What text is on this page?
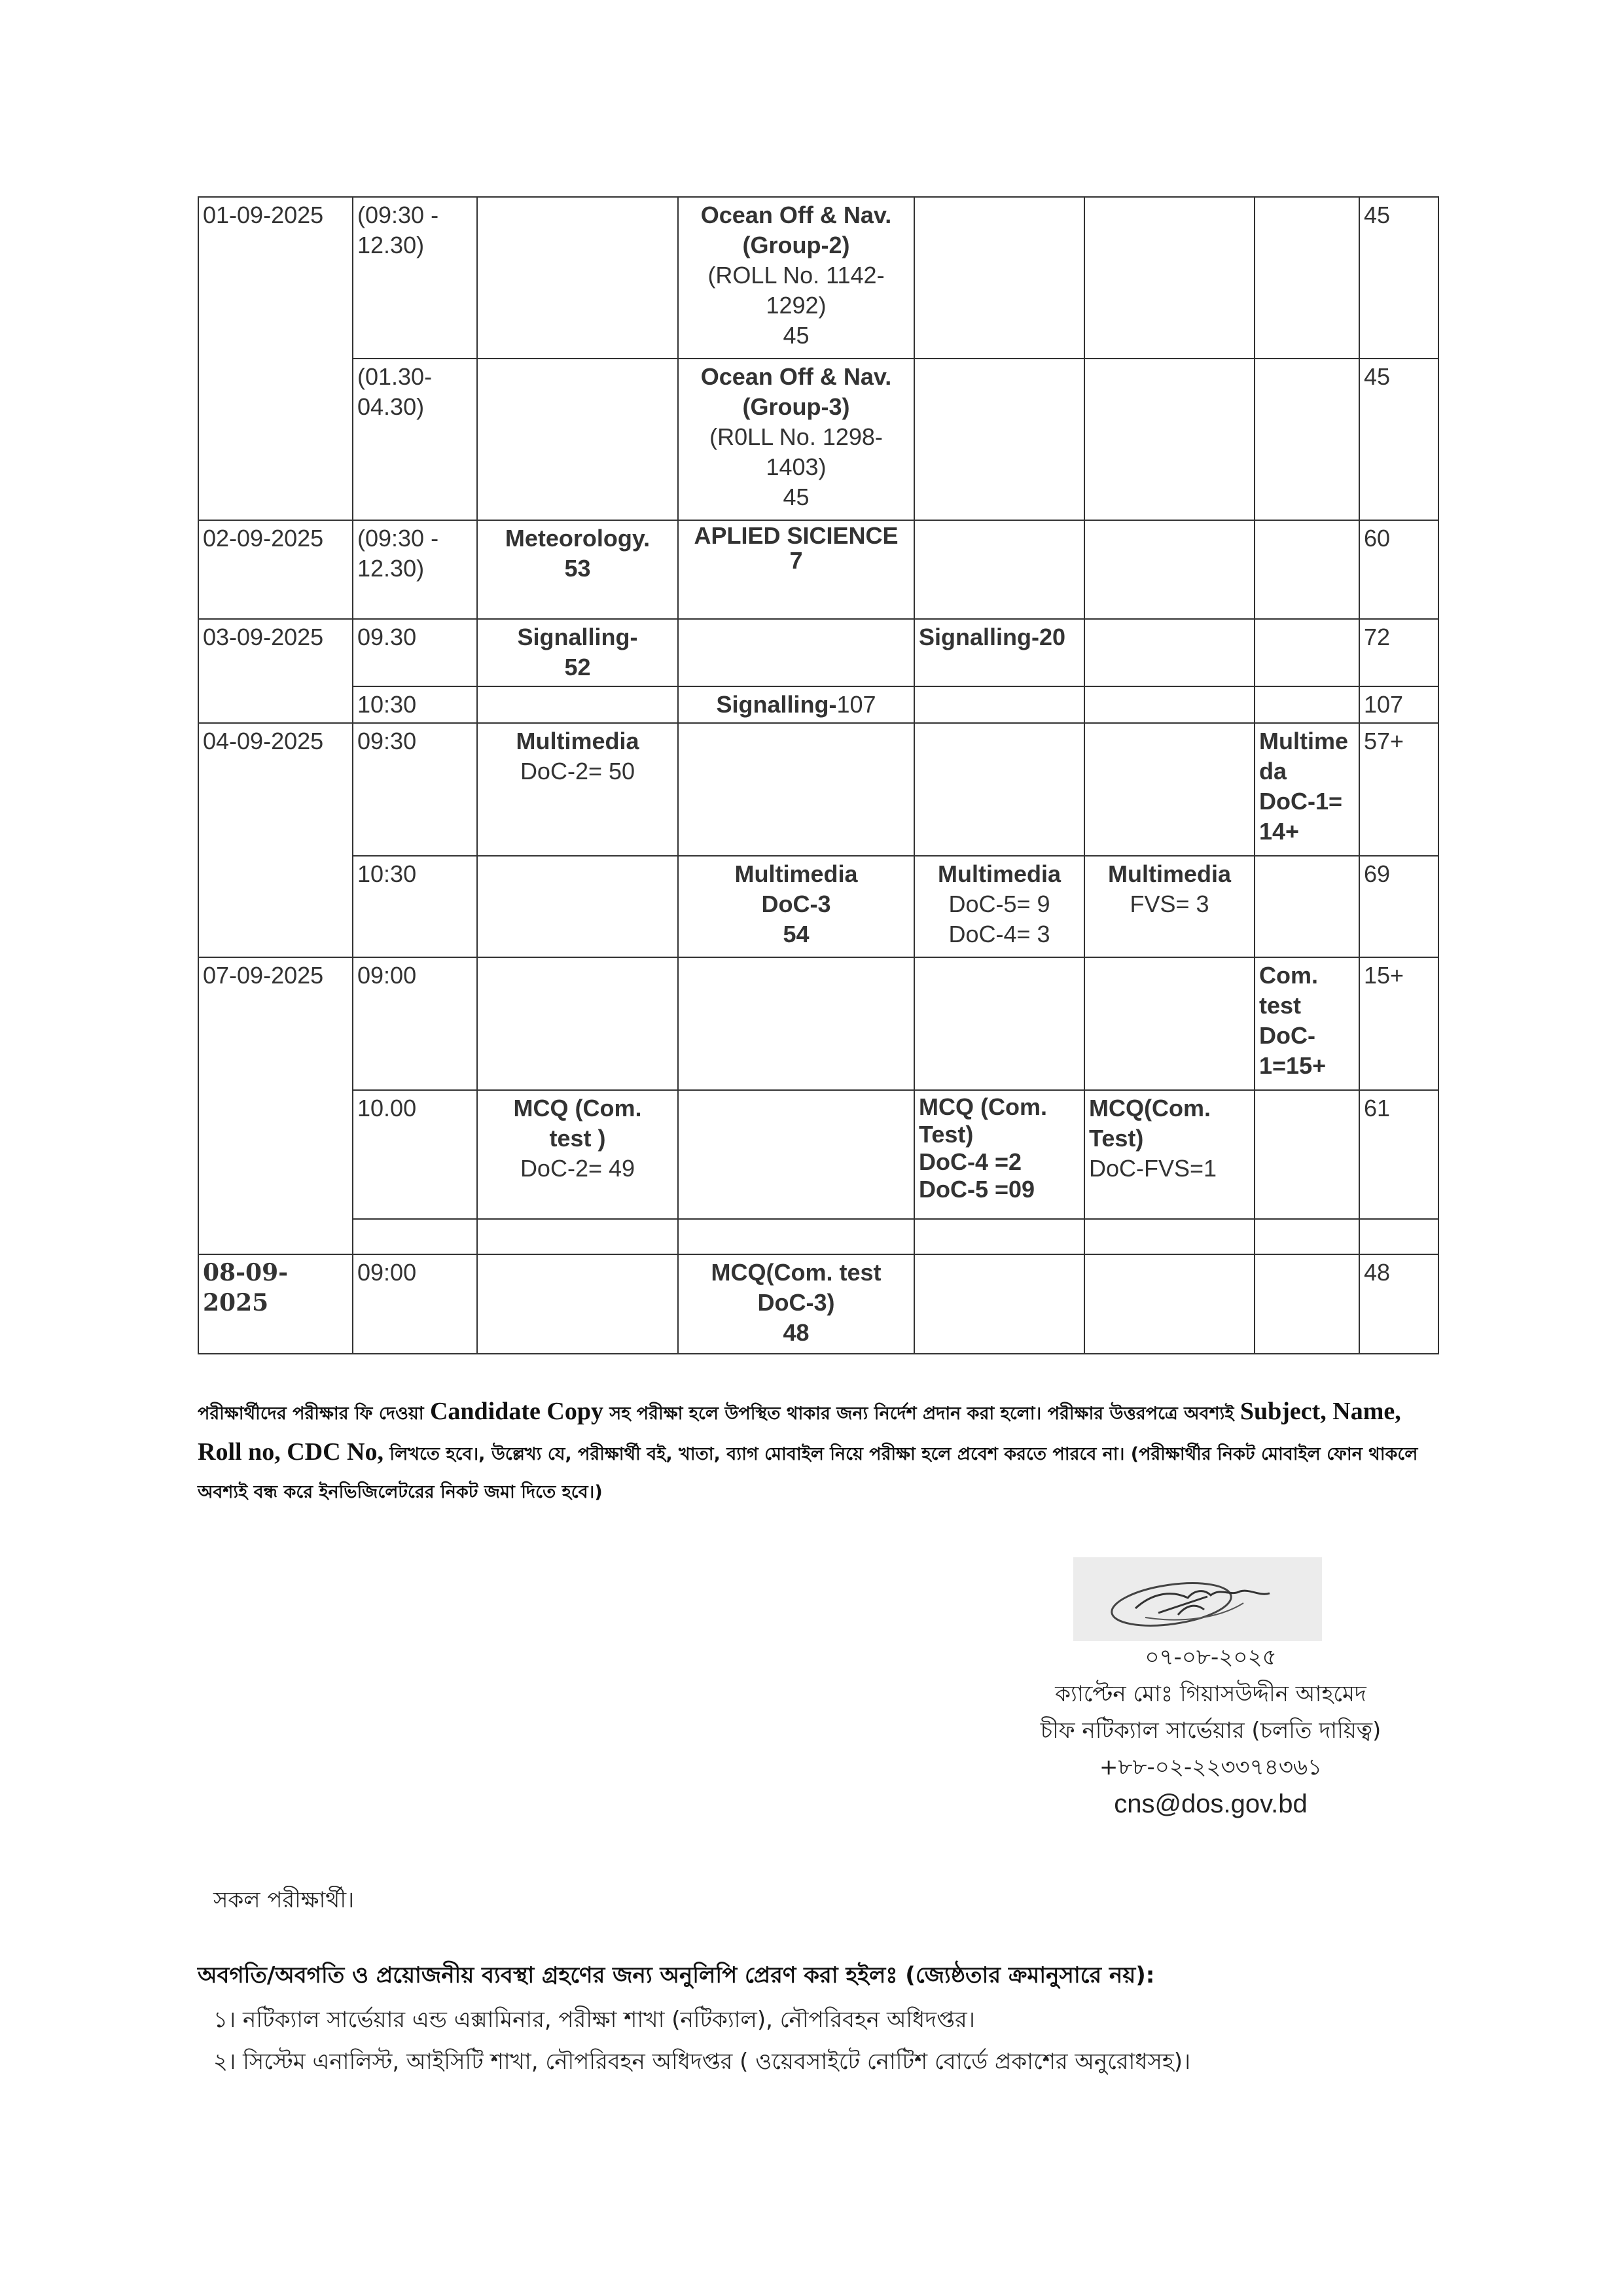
01-09-2025	(09:30 -
12.30)		Ocean Off & Nav.
(Group-2)
(ROLL No. 1142-
1292)
45				45
	(01.30-
04.30)		Ocean Off & Nav.
(Group-3)
(R0LL No. 1298-
1403)
45				45
02-09-2025	(09:30 -
12.30)	Meteorology.
53	APLIED SICIENCE
7				60
03-09-2025	09.30	Signalling-
52		Signalling-20			72
	10:30		Signalling-107				107
04-09-2025	09:30	Multimedia
DoC-2= 50				Multime
da
DoC-1=
14+	57+
	10:30		Multimedia
DoC-3
54	Multimedia
DoC-5= 9
DoC-4= 3	Multimedia
FVS= 3		69
07-09-2025	09:00					Com.
test
DoC-
1=15+	15+
	10.00	MCQ (Com.
test )
DoC-2= 49		MCQ (Com.
Test)
DoC-4 =2
DoC-5 =09	MCQ(Com.
Test)
DoC-FVS=1		61

08-09-2025	09:00		MCQ(Com. test
DoC-3)
48				48
পরীক্ষার্থীদের পরীক্ষার ফি দেওয়া Candidate Copy সহ পরীক্ষা হলে উপস্থিত থাকার জন্য নির্দেশ প্রদান করা হলো। পরীক্ষার উত্তরপত্রে অবশ্যই Subject, Name, Roll no, CDC No, লিখতে হবে।, উল্লেখ্য যে, পরীক্ষার্থী বই, খাতা, ব্যাগ মোবাইল নিয়ে পরীক্ষা হলে প্রবেশ করতে পারবে না। (পরীক্ষার্থীর নিকট মোবাইল ফোন থাকলে অবশ্যই বন্ধ করে ইনভিজিলেটরের নিকট জমা দিতে হবে।)
০৭-০৮-২০২৫
ক্যাপ্টেন মোঃ গিয়াসউদ্দীন আহমেদ
চীফ নটিক্যাল সার্ভেয়ার (চলতি দায়িত্ব)
+৮৮-০২-২২৩৩৭৪৩৬১
cns@dos.gov.bd
সকল পরীক্ষার্থী।
অবগতি/অবগতি ও প্রয়োজনীয় ব্যবস্থা গ্রহণের জন্য অনুলিপি প্রেরণ করা হইলঃ (জ্যেষ্ঠতার ক্রমানুসারে নয়):
১। নটিক্যাল সার্ভেয়ার এন্ড এক্সামিনার, পরীক্ষা শাখা (নটিক্যাল), নৌপরিবহন অধিদপ্তর।
২। সিস্টেম এনালিস্ট, আইসিটি শাখা, নৌপরিবহন অধিদপ্তর ( ওয়েবসাইটে নোটিশ বোর্ডে প্রকাশের অনুরোধসহ)।
